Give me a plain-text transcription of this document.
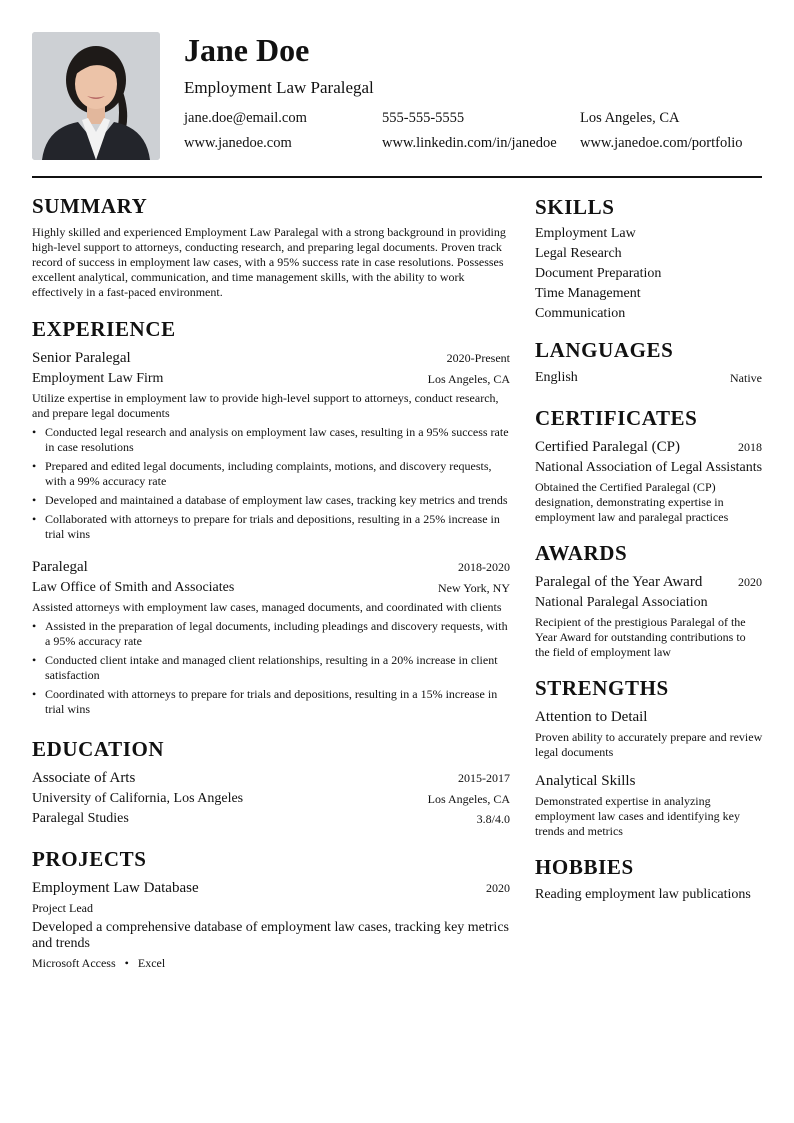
Jane Doe
Employment Law Paralegal
jane.doe@email.com	555-555-5555	Los Angeles, CA
www.janedoe.com	www.linkedin.com/in/janedoe www.janedoe.com/portfolio
SUMMARY
Highly skilled and experienced Employment Law Paralegal with a strong background in providing high-level support to attorneys, conducting research, and preparing legal documents. Proven track record of success in employment law cases, with a 95% success rate in case resolutions. Possesses excellent analytical, communication, and time management skills, with the ability to work effectively in a fast-paced environment.
EXPERIENCE
Senior Paralegal	2020-Present
Employment Law Firm	Los Angeles, CA
Utilize expertise in employment law to provide high-level support to attorneys, conduct research, and prepare legal documents
• Conducted legal research and analysis on employment law cases, resulting in a 95% success rate in case resolutions
• Prepared and edited legal documents, including complaints, motions, and discovery requests, with a 99% accuracy rate
• Developed and maintained a database of employment law cases, tracking key metrics and trends
• Collaborated with attorneys to prepare for trials and depositions, resulting in a 25% increase in trial wins
Paralegal	2018-2020
Law Office of Smith and Associates	New York, NY
Assisted attorneys with employment law cases, managed documents, and coordinated with clients
• Assisted in the preparation of legal documents, including pleadings and discovery requests, with a 95% accuracy rate
• Conducted client intake and managed client relationships, resulting in a 20% increase in client satisfaction
• Coordinated with attorneys to prepare for trials and depositions, resulting in a 15% increase in trial wins
EDUCATION
Associate of Arts	2015-2017
University of California, Los Angeles	Los Angeles, CA
Paralegal Studies	3.8/4.0
PROJECTS
Employment Law Database	2020
Project Lead
Developed a comprehensive database of employment law cases, tracking key metrics and trends
Microsoft Access • Excel
SKILLS
Employment Law
Legal Research
Document Preparation
Time Management
Communication
LANGUAGES
English	Native
CERTIFICATES
Certified Paralegal (CP)	2018
National Association of Legal Assistants
Obtained the Certified Paralegal (CP) designation, demonstrating expertise in employment law and paralegal practices
AWARDS
Paralegal of the Year Award	2020
National Paralegal Association
Recipient of the prestigious Paralegal of the Year Award for outstanding contributions to the field of employment law
STRENGTHS
Attention to Detail
Proven ability to accurately prepare and review legal documents
Analytical Skills
Demonstrated expertise in analyzing employment law cases and identifying key trends and metrics
HOBBIES
Reading employment law publications
